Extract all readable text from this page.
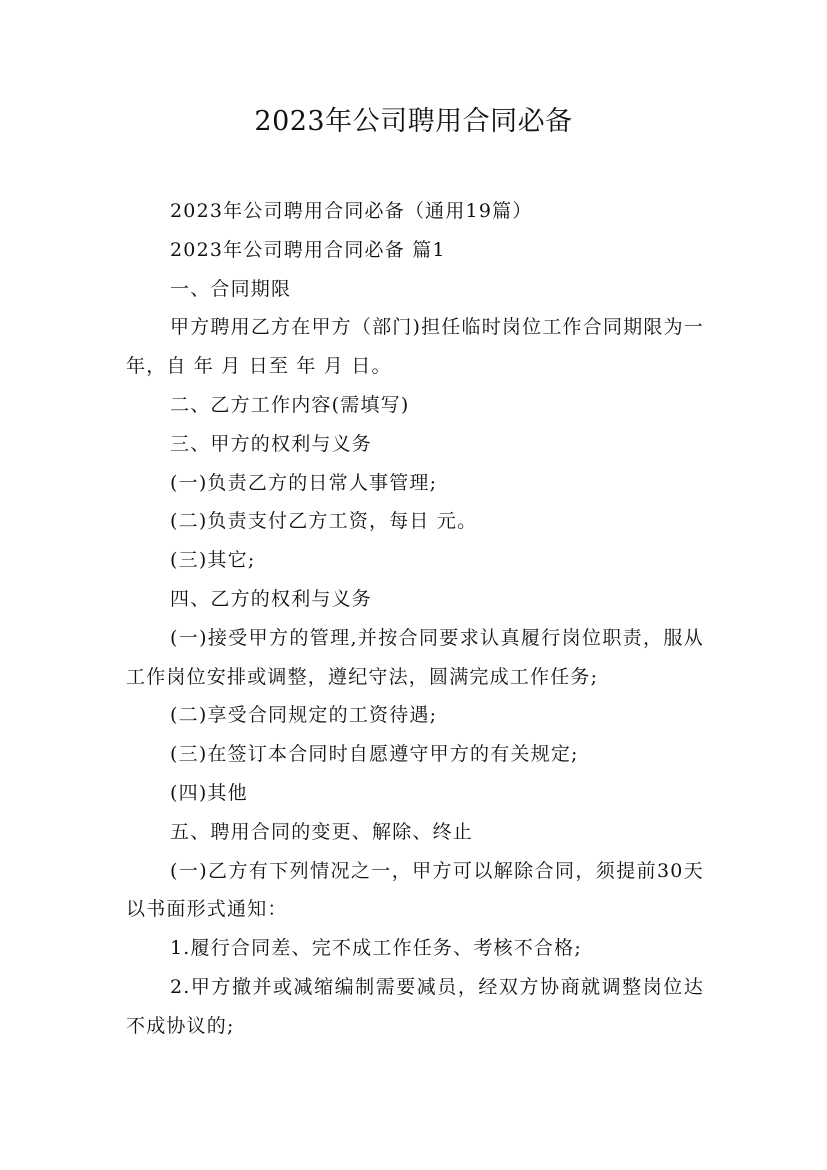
2023年公司聘用合同必备

2023年公司聘用合同必备（通用19篇）

2023年公司聘用合同必备 篇1

一、合同期限

甲方聘用乙方在甲方（部门)担任临时岗位工作合同期限为一年，自 年 月 日至 年 月 日。

二、乙方工作内容(需填写)

三、甲方的权利与义务

(一)负责乙方的日常人事管理;

(二)负责支付乙方工资，每日 元。

(三)其它;

四、乙方的权利与义务

(一)接受甲方的管理,并按合同要求认真履行岗位职责，服从工作岗位安排或调整，遵纪守法，圆满完成工作任务;

(二)享受合同规定的工资待遇;

(三)在签订本合同时自愿遵守甲方的有关规定;

(四)其他

五、聘用合同的变更、解除、终止

(一)乙方有下列情况之一，甲方可以解除合同，须提前30天以书面形式通知：

1.履行合同差、完不成工作任务、考核不合格;

2.甲方撤并或减缩编制需要减员，经双方协商就调整岗位达不成协议的;
